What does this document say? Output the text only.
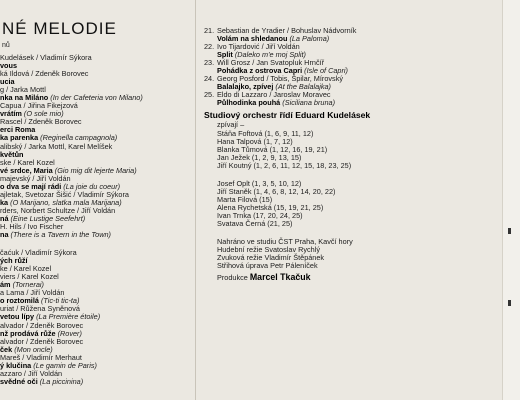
NÉ MELODIE
nů
Kudelásek / Vladimír Sýkora
vous
ká Ildová / Zdeněk Borovec
ucia
g / Jarka Mottl
nka na Miláno (In der Cafeteria von Milano)
Capua / Jiřina Fikejzová
vrátím (O sole mio)
Rascel / Zdeněk Borovec
erci Roma
ka parenka (Reginella campagnola)
alibský / Jarka Mottl, Karel Melíšek
květůn
ske / Karel Kozel
vé srdce, Maria (Gio mig dit lejerte Maria)
majevský / Jiří Voldán
o dva se mají rádi (La joie du coeur)
ajletak, Svetozar Šišić / Vladimír Sýkora
ka (O Marijano, slatka mala Marijana)
rders, Norbert Schultze / Jiří Voldán
ná (Eine Lustige Seefehrt)
H. Hils / Ivo Fischer
na (There is a Tavern in the Town)
čaćuk / Vladimír Sýkora
ých růží
ke / Karel Kozel
viers / Karel Kozel
ám (Tornerai)
a Lama / Jiří Voldán
o roztomilá (Tic-ti tic-ta)
uriat / Růžena Syněnová
vetou lípy (La Première étoile)
alvador / Zdeněk Borovec
nž prodává růže (Rover)
alvador / Zdeněk Borovec
ček (Mon oncle)
Mareš / Vladimír Merhaut
ý klučina (Le gamin de Paris)
azzaro / Jiří Voldán
svědné oči (La piccinina)
21. Sebastian de Yradier / Bohuslav Nádvorník
Volám na shledanou (La Paloma)
22. Ivo Tijardović / Jiří Voldán
Split (Dalekо m'e moj Split)
23. Will Grosz / Jan Svatopluk Hrnčíř
Pohádka z ostrova Capri (Isle of Capri)
24. Georg Posford / Tobis, Špilar, Mírovský
Balalajko, zpívej (At the Balalajka)
25. Eldo di Lazzaro / Jaroslav Moravec
Půlhodinka pouhá (Siciliana bruna)
Studiový orchestr řídí Eduard Kudelásek
zpívají –
Stáňa Foftová (1, 6, 9, 11, 12)
Hana Talpová (1, 7, 12)
Blanka Tůmová (1, 12, 16, 19, 21)
Jan Ježek (1, 2, 9, 13, 15)
Jiří Koutný (1, 2, 6, 11, 12, 15, 18, 23, 25)
Josef Oplt (1, 3, 5, 10, 12)
Jiří Staněk (1, 4, 6, 8, 12, 14, 20, 22)
Marta Filová (15)
Alena Rychetská (15, 19, 21, 25)
Ivan Trnka (17, 20, 24, 25)
Svatava Černá (21, 25)
Nahráno ve studiu ČST Praha, Kavčí hory
Hudební režie Svatoslav Rychlý
Zvuková režie Vladimír Štěpánek
Střihová úprava Petr Páleníček
Produkce Marcel Tkačuk
